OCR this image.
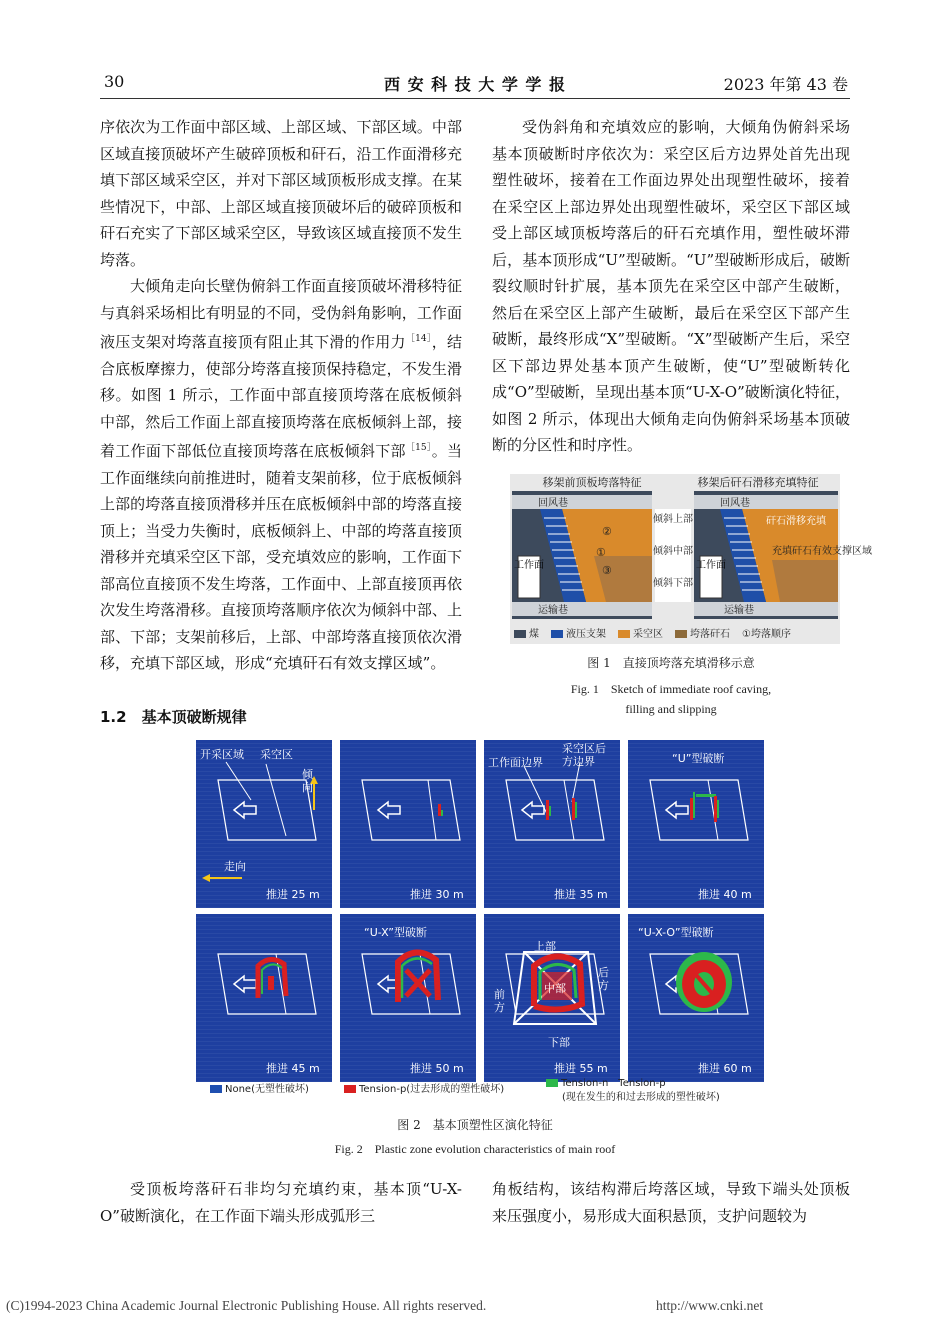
30	西 安 科 技 大 学 学 报	2023 年第 43 卷

序依次为工作面中部区域、上部区域、下部区域。中部区域直接顶破坏产生破碎顶板和矸石，沿工作面滑移充填下部区域采空区，并对下部区域顶板形成支撑。在某些情况下，中部、上部区域直接顶破坏后的破碎顶板和矸石充实了下部区域采空区，导致该区域直接顶不发生垮落。

大倾角走向长壁伪俯斜工作面直接顶破坏滑移特征与真斜采场相比有明显的不同，受伪斜角影响，工作面液压支架对垮落直接顶有阻止其下滑的作用力$^{[14]}$，结合底板摩擦力，使部分垮落直接顶保持稳定，不发生滑移。如图 1 所示，工作面中部直接顶垮落在底板倾斜中部，然后工作面上部直接顶垮落在底板倾斜上部，接着工作面下部低位直接顶垮落在底板倾斜下部$^{[15]}$。当工作面继续向前推进时，随着支架前移，位于底板倾斜上部的垮落直接顶滑移并压在底板倾斜中部的垮落直接顶上；当受力失衡时，底板倾斜上、中部的垮落直接顶滑移并充填采空区下部，受充填效应的影响，工作面下部高位直接顶不发生垮落，工作面中、上部直接顶再依次发生垮落滑移。直接顶垮落顺序依次为倾斜中部、上部、下部；支架前移后，上部、中部垮落直接顶依次滑移，充填下部区域，形成“充填矸石有效支撑区域”。

1.2　基本顶破断规律

受伪斜角和充填效应的影响，大倾角伪俯斜采场基本顶破断时序依次为：采空区后方边界处首先出现塑性破坏，接着在工作面边界处出现塑性破坏，接着在采空区上部边界处出现塑性破坏，采空区下部区域受上部区域顶板垮落后的矸石充填作用，塑性破坏滞后，基本顶形成“U”型破断。“U”型破断形成后，破断裂纹顺时针扩展，基本顶先在采空区中部产生破断，然后在采空区上部产生破断，最后在采空区下部产生破断，最终形成“X”型破断。“X”型破断产生后，采空区下部边界处基本顶产生破断，使“U”型破断转化成“O”型破断，呈现出基本顶“U-X-O”破断演化特征，如图 2 所示，体现出大倾角走向伪俯斜采场基本顶破断的分区性和时序性。

移架前顶板垮落特征	移架后矸石滑移充填特征
工作面
回风巷
运输巷
②
①
③
倾斜上部
倾斜中部
倾斜下部
工作面
回风巷
运输巷
矸石滑移充填
充填矸石有效支撑区域
煤	液压支架	采空区	垮落矸石 ①垮落顺序
图 1　直接顶垮落充填滑移示意
Fig. 1　Sketch of immediate roof caving,
filling and slipping
开采区域 采空区
倾向
走向
推进 25 m	推进 30 m
工作面边界
采空区后方边界
推进 35 m
“U”型破断
推进 40 m
推进 45 m
“U-X”型破断
推进 50 m
上部
中部
下部
前方
后方
推进 55 m
“U-X-O”型破断
推进 60 m
None(无塑性破坏)	Tension-p(过去形成的塑性破坏)
Tension-n　Tension-p
(现在发生的和过去形成的塑性破坏)
图 2　基本顶塑性区演化特征
Fig. 2　Plastic zone evolution characteristics of main roof
受顶板垮落矸石非均匀充填约束，基本顶“U-X-O”破断演化，在工作面下端头形成弧形三
角板结构，该结构滞后垮落区域，导致下端头处顶板来压强度小，易形成大面积悬顶，支护问题较为
(C)1994-2023 China Academic Journal Electronic Publishing House. All rights reserved.	http://www.cnki.net
